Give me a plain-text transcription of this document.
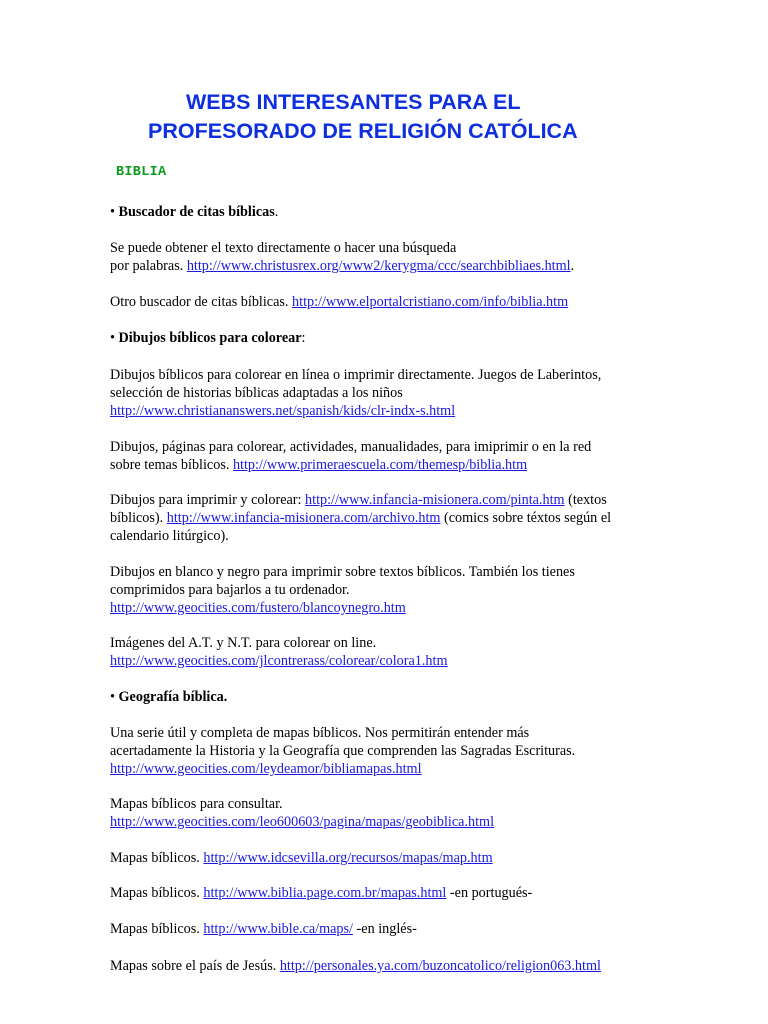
WEBS INTERESANTES PARA EL
PROFESORADO DE RELIGIÓN CATÓLICA
BIBLIA
• Buscador de citas bíblicas.
Se puede obtener el texto directamente o hacer una búsqueda
por palabras. http://www.christusrex.org/www2/kerygma/ccc/searchbibliaes.html.
Otro buscador de citas bíblicas. http://www.elportalcristiano.com/info/biblia.htm
• Dibujos bíblicos para colorear:
Dibujos bíblicos para colorear en línea o imprimir directamente. Juegos de Laberintos,
selección de historias bíblicas adaptadas a los niños
http://www.christiananswers.net/spanish/kids/clr-indx-s.html
Dibujos, páginas para colorear, actividades, manualidades, para imiprimir o en la red
sobre temas bíblicos. http://www.primeraescuela.com/themesp/biblia.htm
Dibujos para imprimir y colorear: http://www.infancia-misionera.com/pinta.htm (textos
bíblicos). http://www.infancia-misionera.com/archivo.htm (comics sobre téxtos según el
calendario litúrgico).
Dibujos en blanco y negro para imprimir sobre textos bíblicos. También los tienes
comprimidos para bajarlos a tu ordenador.
http://www.geocities.com/fustero/blancoynegro.htm
Imágenes del A.T. y N.T. para colorear on line.
http://www.geocities.com/jlcontrerass/colorear/colora1.htm
• Geografía bíblica.
Una serie útil y completa de mapas bíblicos. Nos permitirán entender más
acertadamente la Historia y la Geografía que comprenden las Sagradas Escrituras.
http://www.geocities.com/leydeamor/bibliamapas.html
Mapas bíblicos para consultar.
http://www.geocities.com/leo600603/pagina/mapas/geobiblica.html
Mapas bíblicos. http://www.idcsevilla.org/recursos/mapas/map.htm
Mapas bíblicos. http://www.biblia.page.com.br/mapas.html -en portugués-
Mapas bíblicos. http://www.bible.ca/maps/ -en inglés-
Mapas sobre el país de Jesús. http://personales.ya.com/buzoncatolico/religion063.html
